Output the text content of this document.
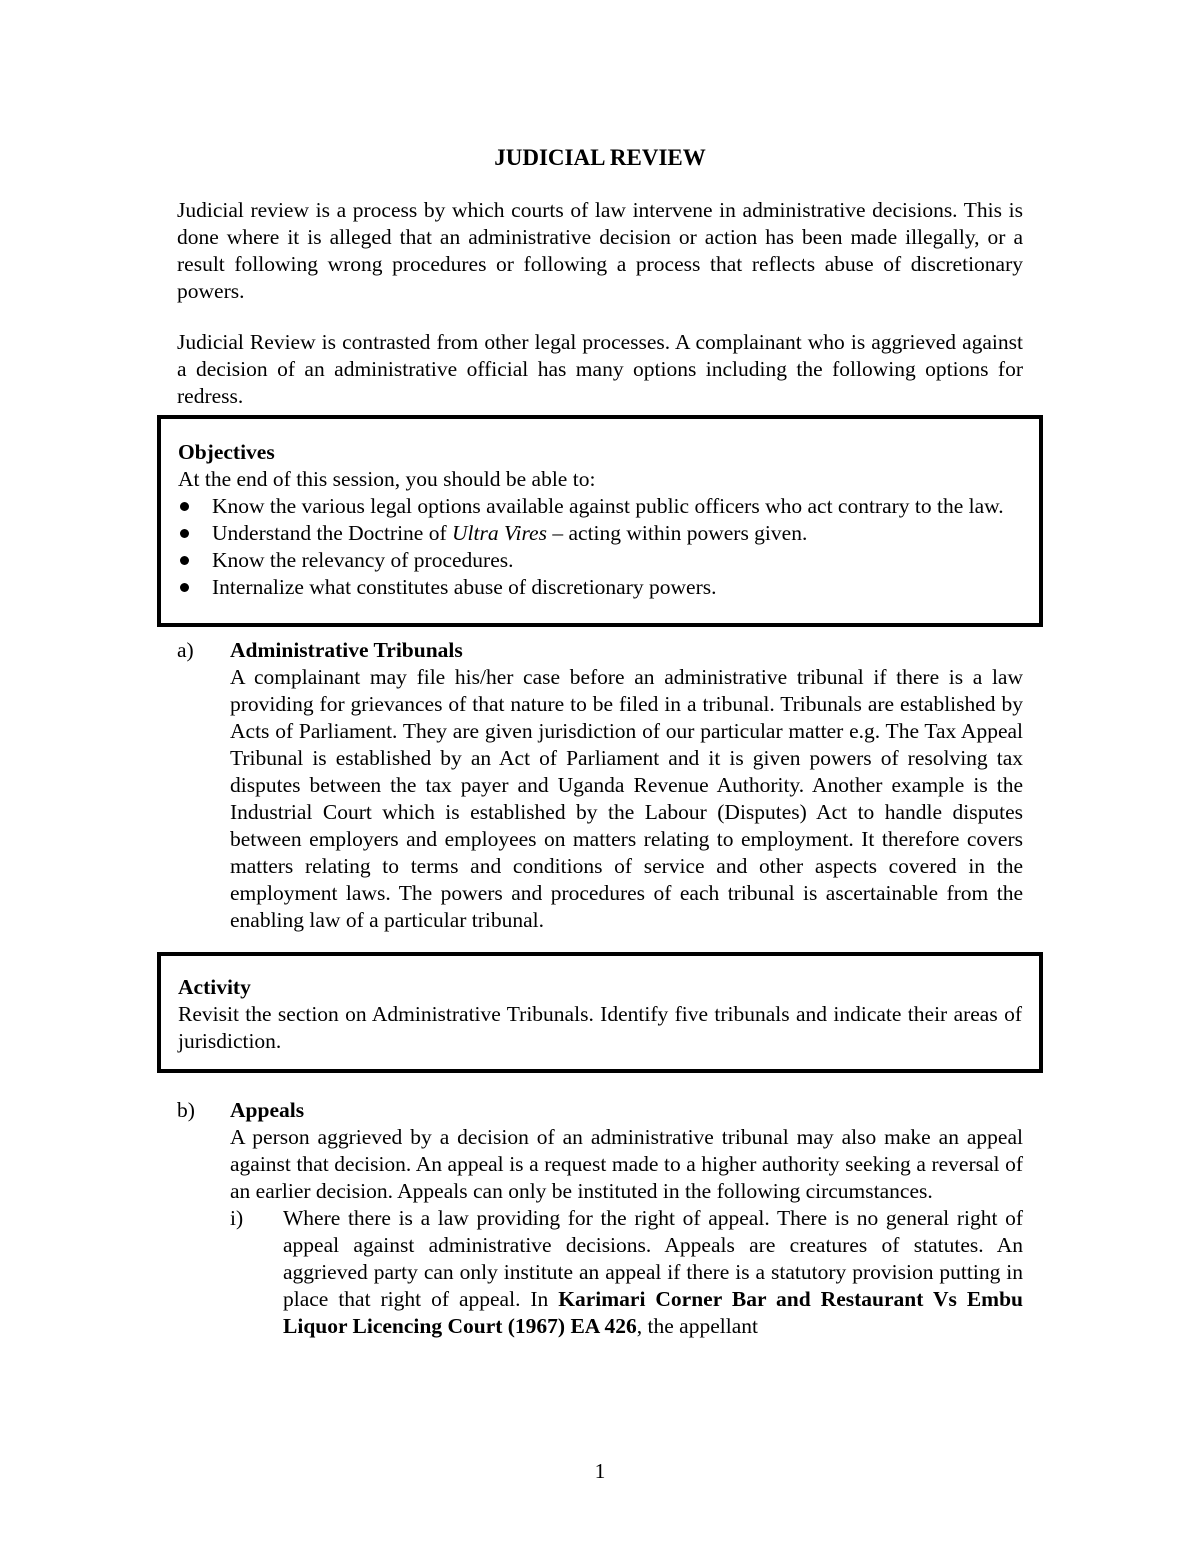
JUDICIAL REVIEW

Judicial review is a process by which courts of law intervene in administrative decisions. This is done where it is alleged that an administrative decision or action has been made illegally, or a result following wrong procedures or following a process that reflects abuse of discretionary powers.

Judicial Review is contrasted from other legal processes. A complainant who is aggrieved against a decision of an administrative official has many options including the following options for redress.

Objectives
At the end of this session, you should be able to:
Know the various legal options available against public officers who act contrary to the law.
Understand the Doctrine of Ultra Vires – acting within powers given.
Know the relevancy of procedures.
Internalize what constitutes abuse of discretionary powers.
a) Administrative Tribunals
A complainant may file his/her case before an administrative tribunal if there is a law providing for grievances of that nature to be filed in a tribunal. Tribunals are established by Acts of Parliament. They are given jurisdiction of our particular matter e.g. The Tax Appeal Tribunal is established by an Act of Parliament and it is given powers of resolving tax disputes between the tax payer and Uganda Revenue Authority. Another example is the Industrial Court which is established by the Labour (Disputes) Act to handle disputes between employers and employees on matters relating to employment. It therefore covers matters relating to terms and conditions of service and other aspects covered in the employment laws. The powers and procedures of each tribunal is ascertainable from the enabling law of a particular tribunal.
Activity
Revisit the section on Administrative Tribunals. Identify five tribunals and indicate their areas of jurisdiction.
b) Appeals
A person aggrieved by a decision of an administrative tribunal may also make an appeal against that decision. An appeal is a request made to a higher authority seeking a reversal of an earlier decision. Appeals can only be instituted in the following circumstances.
i) Where there is a law providing for the right of appeal. There is no general right of appeal against administrative decisions. Appeals are creatures of statutes. An aggrieved party can only institute an appeal if there is a statutory provision putting in place that right of appeal. In Karimari Corner Bar and Restaurant Vs Embu Liquor Licencing Court (1967) EA 426, the appellant
1
